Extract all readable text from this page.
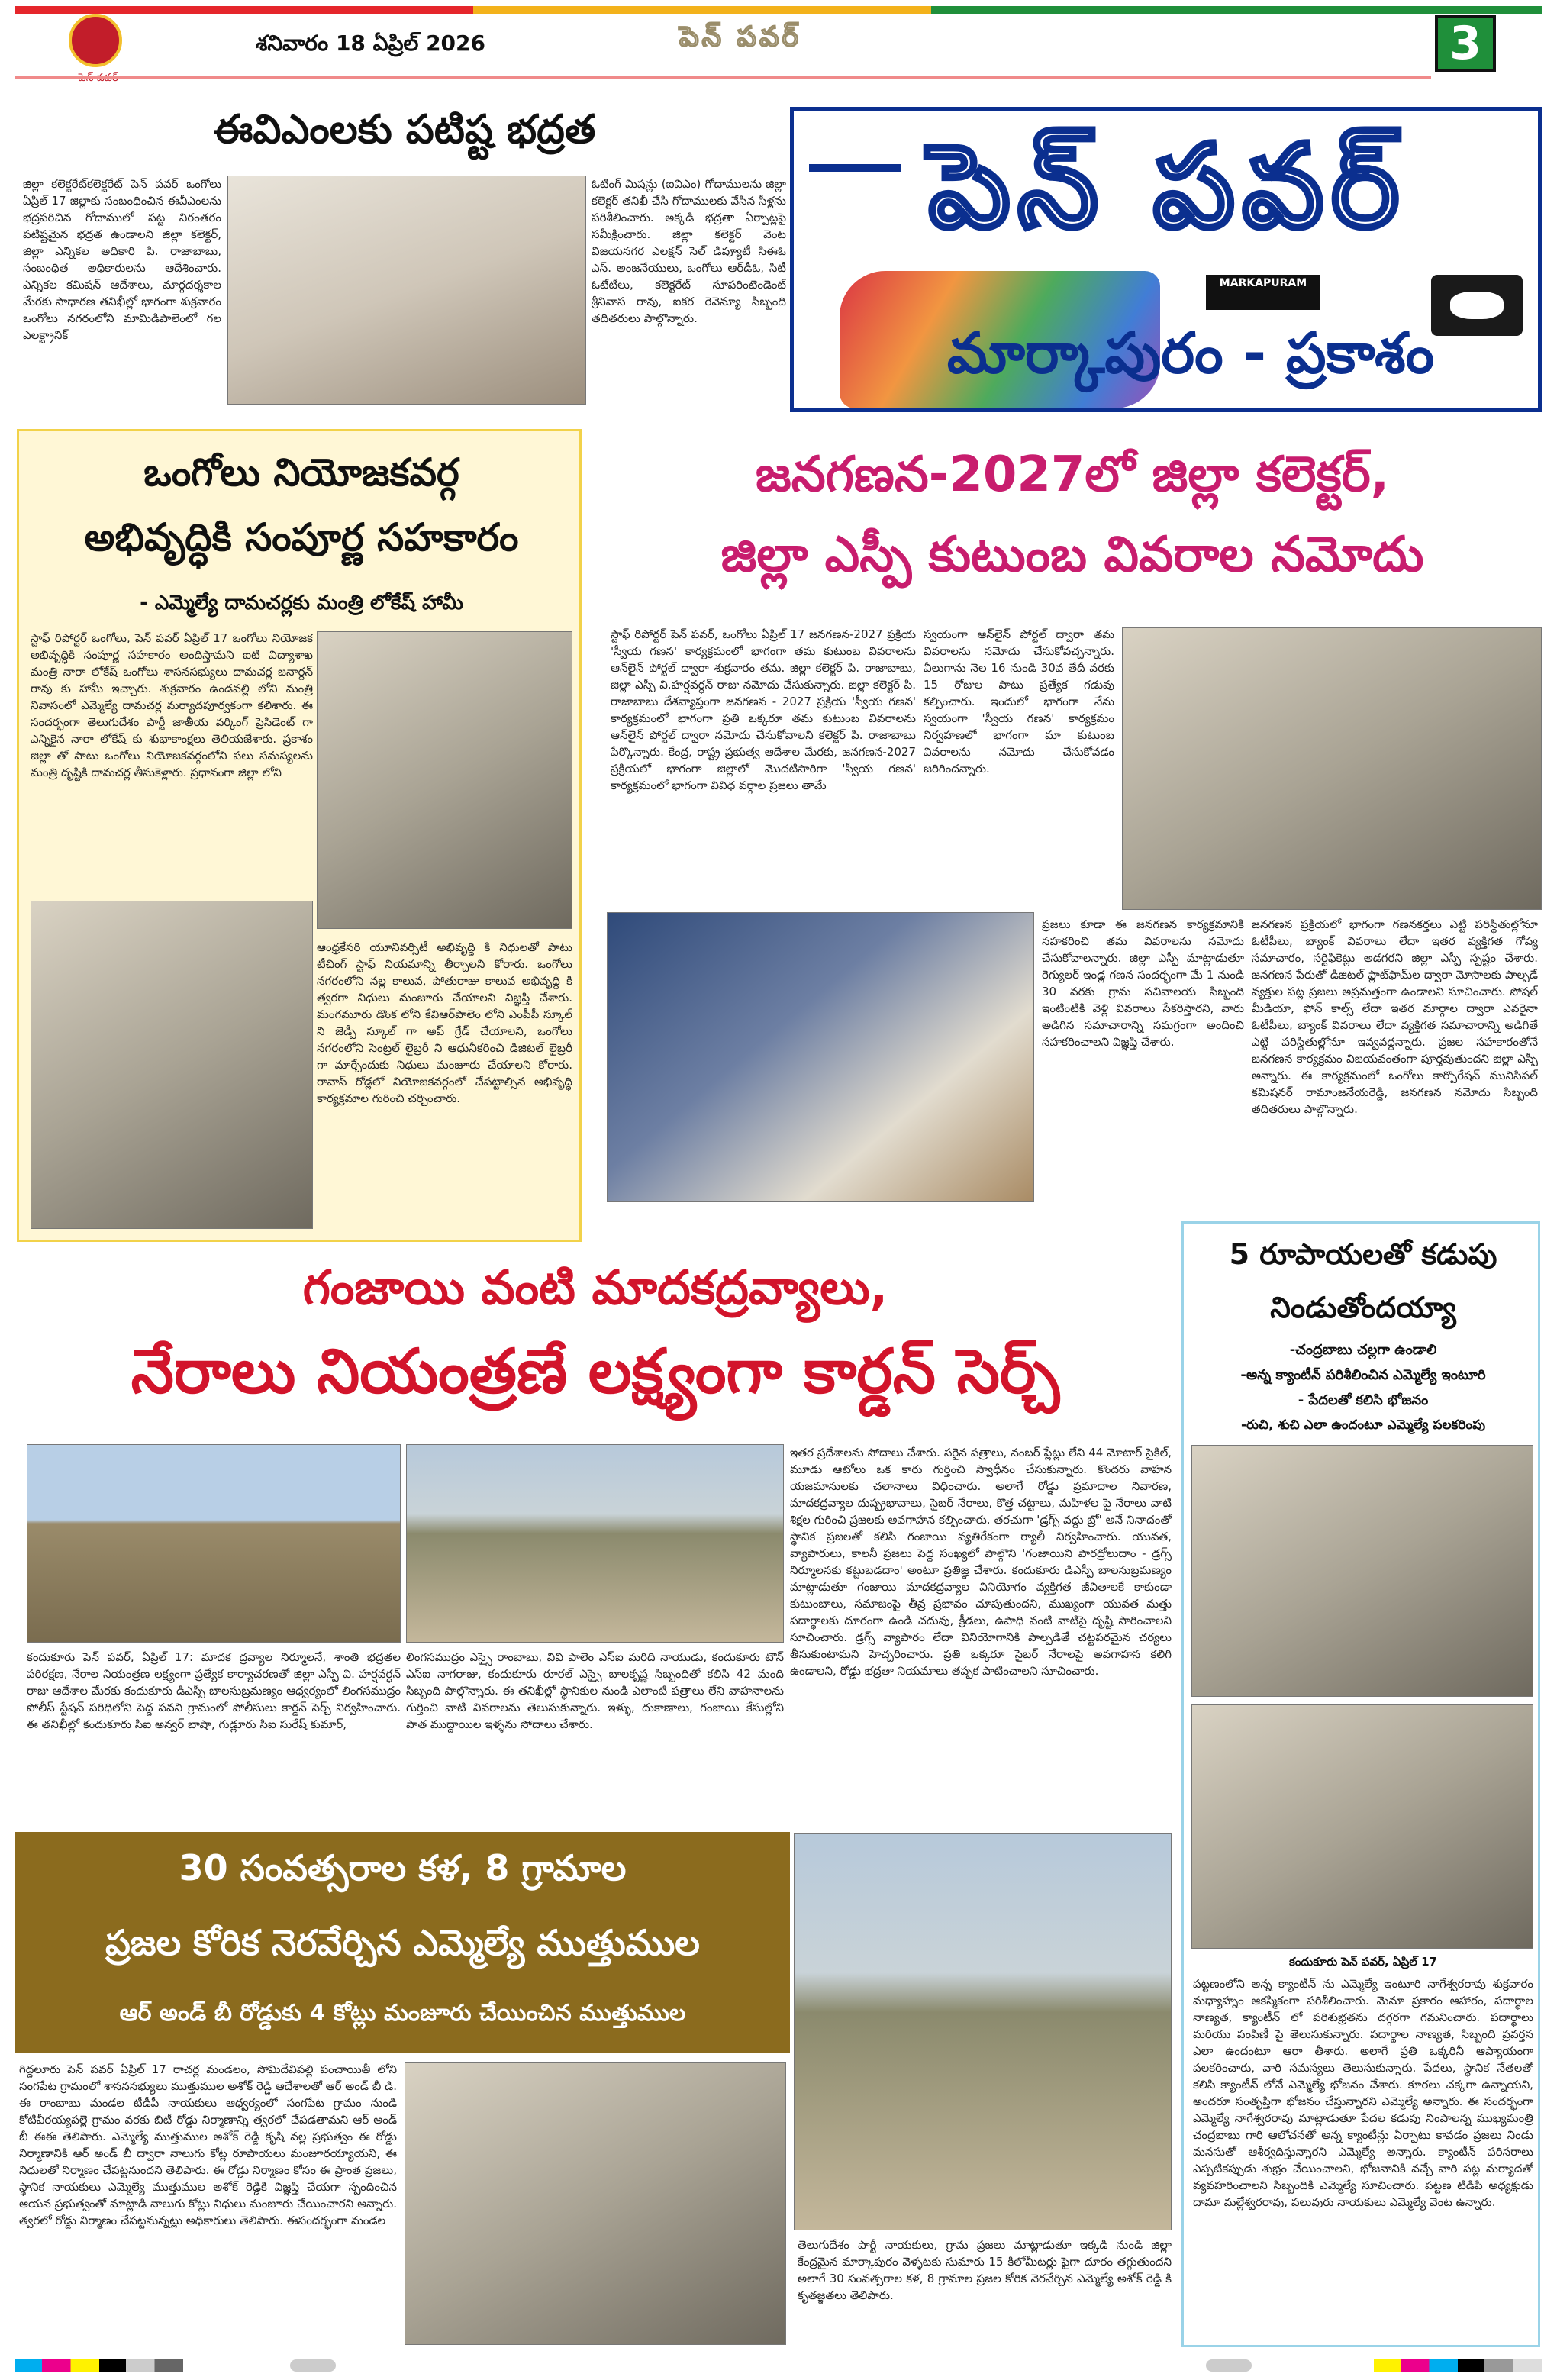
శనివారం 18 ఏప్రిల్ 2026	పెన్ పవర్	3
ఈవిఎంలకు పటిష్ట భద్రత
జిల్లా కలెక్టరేట్‌కలెక్టరేట్ పెన్ పవర్ ఒంగోలు ఏప్రిల్ 17 జిల్లాకు సంబంధించిన ఈవీఎంలను భద్రపరిచిన గోదాములో పట్ట నిరంతరం పటిష్టమైన భద్రత ఉండాలని జిల్లా కలెక్టర్, జిల్లా ఎన్నికల అధికారి పి. రాజాబాబు, సంబంధిత అధికారులను ఆదేశించారు. ఎన్నికల కమిషన్ ఆదేశాలు, మార్గదర్శకాల మేరకు సాధారణ తనిఖీల్లో భాగంగా శుక్రవారం ఒంగోలు నగరంలోని మామిడిపాలెంలో గల ఎలక్ట్రానిక్
ఓటింగ్ మిషన్లు (ఐవిఎం) గోదాములను జిల్లా కలెక్టర్ తనిఖీ చేసి గోదాములకు వేసిన సీళ్లను పరిశీలించారు. అక్కడి భద్రతా ఏర్పాట్లపై సమీక్షించారు. జిల్లా కలెక్టర్ వెంట విజయనగర ఎలక్షన్ సెల్ డిప్యూటీ సిఈఓ ఎస్. అంజనేయులు, ఒంగోలు ఆర్‌డీఓ, సిటీ ఓటేటీలు, కలెక్టరేట్ సూపరింటెండెంట్ శ్రీనివాస రావు, ఐకర రెవెన్యూ సిబ్బంది తదితరులు పాల్గొన్నారు.
పెన్ పవర్
MARKAPURAM
మార్కాపురం - ప్రకాశం
ఒంగోలు నియోజకవర్గ
అభివృద్ధికి సంపూర్ణ సహకారం
- ఎమ్మెల్యే దామచర్లకు మంత్రి లోకేష్ హామీ
స్టాఫ్ రిపోర్టర్ ఒంగోలు, పెన్ పవర్ ఏప్రిల్ 17 ఒంగోలు నియోజక అభివృద్ధికి సంపూర్ణ సహకారం అందిస్తామని ఐటి విద్యాశాఖ మంత్రి నారా లోకేష్ ఒంగోలు శాసనసభ్యులు దామచర్ల జనార్దన్ రావు కు హామీ ఇచ్చారు. శుక్రవారం ఉండవల్లి లోని మంత్రి నివాసంలో ఎమ్మెల్యే దామచర్ల మర్యాదపూర్వకంగా కలిశారు. ఈ సందర్భంగా తెలుగుదేశం పార్టీ జాతీయ వర్కింగ్ ప్రెసిడెంట్ గా ఎన్నికైన నారా లోకేష్ కు శుభాకాంక్షలు తెలియజేశారు. ప్రకాశం జిల్లా తో పాటు ఒంగోలు నియోజకవర్గంలోని పలు సమస్యలను మంత్రి దృష్టికి దామచర్ల తీసుకెళ్లారు. ప్రధానంగా జిల్లా లోని
ఆంధ్రకేసరి యూనివర్సిటీ అభివృద్ధి కి నిధులతో పాటు టీచింగ్ స్టాఫ్ నియమాన్ని తీర్చాలని కోరారు. ఒంగోలు నగరంలోని నల్ల కాలువ, పోతురాజు కాలువ అభివృద్ధి కి త్వరగా నిధులు మంజూరు చేయాలని విజ్ఞప్తి చేశారు. మంగమూరు డొంక లోని కేవిఆర్‌పాలెం లోని ఎంపీపీ స్కూల్ ని జెడ్పీ స్కూల్ గా అప్ గ్రేడ్ చేయాలని, ఒంగోలు నగరంలోని సెంట్రల్ లైబ్రరీ ని ఆధునీకరించి డిజిటల్ లైబ్రరీ గా మార్చేందుకు నిధులు మంజూరు చేయాలని కోరారు. రావాస్ రోడ్లలో నియోజకవర్గంలో చేపట్టాల్సిన అభివృద్ధి కార్యక్రమాల గురించి చర్చించారు.
జనగణన-2027లో జిల్లా కలెక్టర్,
జిల్లా ఎస్పీ కుటుంబ వివరాల నమోదు
స్టాఫ్ రిపోర్టర్ పెన్ పవర్, ఒంగోలు ఏప్రిల్ 17 జనగణన-2027 ప్రక్రియ 'స్వీయ గణన' కార్యక్రమంలో భాగంగా తమ కుటుంబ వివరాలను ఆన్‌లైన్ పోర్టల్ ద్వారా శుక్రవారం తమ. జిల్లా కలెక్టర్ పి. రాజాబాబు, జిల్లా ఎస్పీ వి.హర్షవర్ధన్ రాజు నమోదు చేసుకున్నారు. జిల్లా కలెక్టర్ పి. రాజాబాబు దేశవ్యాప్తంగా జనగణన - 2027 ప్రక్రియ 'స్వీయ గణన' కార్యక్రమంలో భాగంగా ప్రతి ఒక్కరూ తమ కుటుంబ వివరాలను ఆన్‌లైన్ పోర్టల్ ద్వారా నమోదు చేసుకోవాలని కలెక్టర్ పి. రాజాబాబు పేర్కొన్నారు. కేంద్ర, రాష్ట్ర ప్రభుత్వ ఆదేశాల మేరకు, జనగణన-2027 ప్రక్రియలో భాగంగా జిల్లాలో మొదటిసారిగా 'స్వీయ గణన' కార్యక్రమంలో భాగంగా వివిధ వర్గాల ప్రజలు తామే
స్వయంగా ఆన్‌లైన్ పోర్టల్ ద్వారా తమ వివరాలను నమోదు చేసుకోవచ్చన్నారు. వీలుగాను నెల 16 నుండి 30వ తేదీ వరకు 15 రోజుల పాటు ప్రత్యేక గడువు కల్పించారు. ఇందులో భాగంగా నేను స్వయంగా 'స్వీయ గణన' కార్యక్రమం నిర్వహణలో భాగంగా మా కుటుంబ వివరాలను నమోదు చేసుకోవడం జరిగిందన్నారు.
ప్రజలు కూడా ఈ జనగణన కార్యక్రమానికి సహకరించి తమ వివరాలను నమోదు చేసుకోవాలన్నారు. జిల్లా ఎస్పీ మాట్లాడుతూ రెగ్యులర్ ఇండ్ల గణన సందర్భంగా మే 1 నుండి 30 వరకు గ్రామ సచివాలయ సిబ్బంది ఇంటింటికి వెళ్లి వివరాలు సేకరిస్తారని, వారు అడిగిన సమాచారాన్ని సమగ్రంగా అందించి సహకరించాలని విజ్ఞప్తి చేశారు.
జనగణన ప్రక్రియలో భాగంగా గణనకర్తలు ఎట్టి పరిస్థితుల్లోనూ ఓటీపీలు, బ్యాంక్ వివరాలు లేదా ఇతర వ్యక్తిగత గోప్య సమాచారం, సర్టిఫికెట్లు అడగరని జిల్లా ఎస్పీ స్పష్టం చేశారు. జనగణన పేరుతో డిజిటల్ ప్లాట్‌ఫామ్‌ల ద్వారా మోసాలకు పాల్పడే వ్యక్తుల పట్ల ప్రజలు అప్రమత్తంగా ఉండాలని సూచించారు. సోషల్ మీడియా, ఫోన్ కాల్స్ లేదా ఇతర మార్గాల ద్వారా ఎవరైనా ఓటీపీలు, బ్యాంక్ వివరాలు లేదా వ్యక్తిగత సమాచారాన్ని అడిగితే ఎట్టి పరిస్థితుల్లోనూ ఇవ్వవద్దన్నారు. ప్రజల సహకారంతోనే జనగణన కార్యక్రమం విజయవంతంగా పూర్తవుతుందని జిల్లా ఎస్పీ అన్నారు. ఈ కార్యక్రమంలో ఒంగోలు కార్పొరేషన్ మునిసిపల్ కమిషనర్ రామాంజనేయరెడ్డి, జనగణన నమోదు సిబ్బంది తదితరులు పాల్గొన్నారు.
గంజాయి వంటి మాదకద్రవ్యాలు,
నేరాలు నియంత్రణే లక్ష్యంగా కార్డన్ సెర్చ్
కందుకూరు పెన్ పవర్, ఏప్రిల్ 17: మాదక ద్రవ్యాల నిర్మూలనే, శాంతి భద్రతల పరిరక్షణ, నేరాల నియంత్రణ లక్ష్యంగా ప్రత్యేక కార్యాచరణతో జిల్లా ఎస్పీ వి. హర్షవర్ధన్ రాజు ఆదేశాల మేరకు కందుకూరు డిఎస్పీ బాలసుబ్రమణ్యం ఆధ్వర్యంలో లింగసముద్రం పోలీస్ స్టేషన్ పరిధిలోని పెద్ద పవని గ్రామంలో పోలీసులు కార్డన్ సెర్చ్ నిర్వహించారు. ఈ తనిఖీల్లో కందుకూరు సిఐ అన్వర్ బాషా, గుడ్లూరు సిఐ సురేష్ కుమార్,
లింగసముద్రం ఎస్సై రాంబాబు, వివి పాలెం ఎస్ఐ మరిది నాయుడు, కందుకూరు టౌన్ ఎస్ఐ నాగరాజు, కందుకూరు రూరల్ ఎస్సై బాలకృష్ణ సిబ్బందితో కలిసి 42 మంది సిబ్బంది పాల్గొన్నారు. ఈ తనిఖీల్లో స్థానికుల నుండి ఎలాంటి పత్రాలు లేని వాహనాలను గుర్తించి వాటి వివరాలను తెలుసుకున్నారు. ఇళ్ళు, దుకాణాలు, గంజాయి కేసుల్లోని పాత ముద్దాయిల ఇళ్ళను సోదాలు చేశారు.
ఇతర ప్రదేశాలను సోదాలు చేశారు. సరైన పత్రాలు, నంబర్ ప్లేట్లు లేని 44 మోటార్ సైకిల్, మూడు ఆటోలు ఒక కారు గుర్తించి స్వాధీనం చేసుకున్నారు. కొందరు వాహన యజమానులకు చలానాలు విధించారు. అలాగే రోడ్డు ప్రమాదాల నివారణ, మాదకద్రవ్యాల దుష్ప్రభావాలు, సైబర్ నేరాలు, కొత్త చట్టాలు, మహిళల పై నేరాలు వాటి శిక్షల గురించి ప్రజలకు అవగాహన కల్పించారు. తరచుగా 'డ్రగ్స్ వద్దు బ్రో' అనే నినాదంతో స్థానిక ప్రజలతో కలిసి గంజాయి వ్యతిరేకంగా ర్యాలీ నిర్వహించారు. యువత, వ్యాపారులు, కాలనీ ప్రజలు పెద్ద సంఖ్యలో పాల్గొని 'గంజాయిని పారద్రోలుదాం - డ్రగ్స్ నిర్మూలనకు కట్టుబడదాం' అంటూ ప్రతిజ్ఞ చేశారు. కందుకూరు డిఎస్పీ బాలసుబ్రమణ్యం మాట్లాడుతూ గంజాయి మాదకద్రవ్యాల వినియోగం వ్యక్తిగత జీవితాలకే కాకుండా కుటుంబాలు, సమాజంపై తీవ్ర ప్రభావం చూపుతుందని, ముఖ్యంగా యువత మత్తు పదార్థాలకు దూరంగా ఉండి చదువు, క్రీడలు, ఉపాధి వంటి వాటిపై దృష్టి సారించాలని సూచించారు. డ్రగ్స్ వ్యాపారం లేదా వినియోగానికి పాల్పడితే చట్టపరమైన చర్యలు తీసుకుంటామని హెచ్చరించారు. ప్రతి ఒక్కరూ సైబర్ నేరాలపై అవగాహన కలిగి ఉండాలని, రోడ్డు భద్రతా నియమాలు తప్పక పాటించాలని సూచించారు.
5 రూపాయలతో కడుపు
నిండుతోందయ్యా
-చంద్రబాబు చల్లగా ఉండాలి
-అన్న క్యాంటీన్ పరిశీలించిన ఎమ్మెల్యే ఇంటూరి
- పేదలతో కలిసి భోజనం
-రుచి, శుచి ఎలా ఉందంటూ ఎమ్మెల్యే పలకరింపు
కందుకూరు పెన్ పవర్, ఏప్రిల్ 17
పట్టణంలోని అన్న క్యాంటీన్ ను ఎమ్మెల్యే ఇంటూరి నాగేశ్వరరావు శుక్రవారం మధ్యాహ్నం ఆకస్మికంగా పరిశీలించారు. మెనూ ప్రకారం ఆహారం, పదార్థాల నాణ్యత, క్యాంటీన్ లో పరిశుభ్రతను దగ్గరగా గమనించారు. పదార్థాలు మరియు పంపిణీ పై తెలుసుకున్నారు. పదార్థాల నాణ్యత, సిబ్బంది ప్రవర్తన ఎలా ఉందంటూ ఆరా తీశారు. అలాగే ప్రతి ఒక్కరినీ ఆప్యాయంగా పలకరించారు, వారి సమస్యలు తెలుసుకున్నారు. పేదలు, స్థానిక నేతలతో కలిసి క్యాంటీన్ లోనే ఎమ్మెల్యే భోజనం చేశారు. కూరలు చక్కగా ఉన్నాయని, అందరూ సంతృప్తిగా భోజనం చేస్తున్నారని ఎమ్మెల్యే అన్నారు. ఈ సందర్భంగా ఎమ్మెల్యే నాగేశ్వరరావు మాట్లాడుతూ పేదల కడుపు నింపాలన్న ముఖ్యమంత్రి చంద్రబాబు గారి ఆలోచనతో అన్న క్యాంటీన్లు ఏర్పాటు కావడం ప్రజలు నిండు మనసుతో ఆశీర్వదిస్తున్నారని ఎమ్మెల్యే అన్నారు. క్యాంటీన్ పరిసరాలు ఎప్పటికప్పుడు శుభ్రం చేయించాలని, భోజనానికి వచ్చే వారి పట్ల మర్యాదతో వ్యవహరించాలని సిబ్బందికి ఎమ్మెల్యే సూచించారు. పట్టణ టిడిపి అధ్యక్షుడు దామా మల్లేశ్వరరావు, పలువురు నాయకులు ఎమ్మెల్యే వెంట ఉన్నారు.
30 సంవత్సరాల కళ, 8 గ్రామాల
ప్రజల కోరిక నెరవేర్చిన ఎమ్మెల్యే ముత్తుముల
ఆర్ అండ్ బీ రోడ్డుకు 4 కోట్లు మంజూరు చేయించిన ముత్తుముల
గిద్దలూరు పెన్ పవర్ ఏప్రిల్ 17 రాచర్ల మండలం, సోమిదేవిపల్లి పంచాయితీ లోని సంగపేట గ్రామంలో శాసనసభ్యులు ముత్తుముల అశోక్ రెడ్డి ఆదేశాలతో ఆర్ అండ్ బీ డి. ఈ రాంబాబు మండల టీడీపీ నాయకులు ఆధ్వర్యంలో సంగపేట గ్రామం నుండి కోటివీరయ్యపల్లె గ్రామం వరకు బిటీ రోడ్డు నిర్మాణాన్ని త్వరలో చేపడతామని ఆర్ అండ్ బీ ఈఈ తెలిపారు. ఎమ్మెల్యే ముత్తుముల అశోక్ రెడ్డి కృషి వల్ల ప్రభుత్వం ఈ రోడ్డు నిర్మాణానికి ఆర్ అండ్ బీ ద్వారా నాలుగు కోట్ల రూపాయలు మంజూరయ్యాయని, ఈ నిధులతో నిర్మాణం చేపట్టనుందని తెలిపారు. ఈ రోడ్డు నిర్మాణం కోసం ఈ ప్రాంత ప్రజలు, స్థానిక నాయకులు ఎమ్మెల్యే ముత్తుముల అశోక్ రెడ్డికి విజ్ఞప్తి చేయగా స్పందించిన ఆయన ప్రభుత్వంతో మాట్లాడి నాలుగు కోట్లు నిధులు మంజూరు చేయించారని అన్నారు. త్వరలో రోడ్డు నిర్మాణం చేపట్టనున్నట్లు అధికారులు తెలిపారు. ఈసందర్భంగా మండల
తెలుగుదేశం పార్టీ నాయకులు, గ్రామ ప్రజలు మాట్లాడుతూ ఇక్కడి నుండి జిల్లా కేంద్రమైన మార్కాపురం వెళ్ళటకు సుమారు 15 కిలోమీటర్లు పైగా దూరం తగ్గుతుందని అలాగే 30 సంవత్సరాల కళ, 8 గ్రామాల ప్రజల కోరిక నెరవేర్చిన ఎమ్మెల్యే అశోక్ రెడ్డి కి కృతజ్ఞతలు తెలిపారు.
